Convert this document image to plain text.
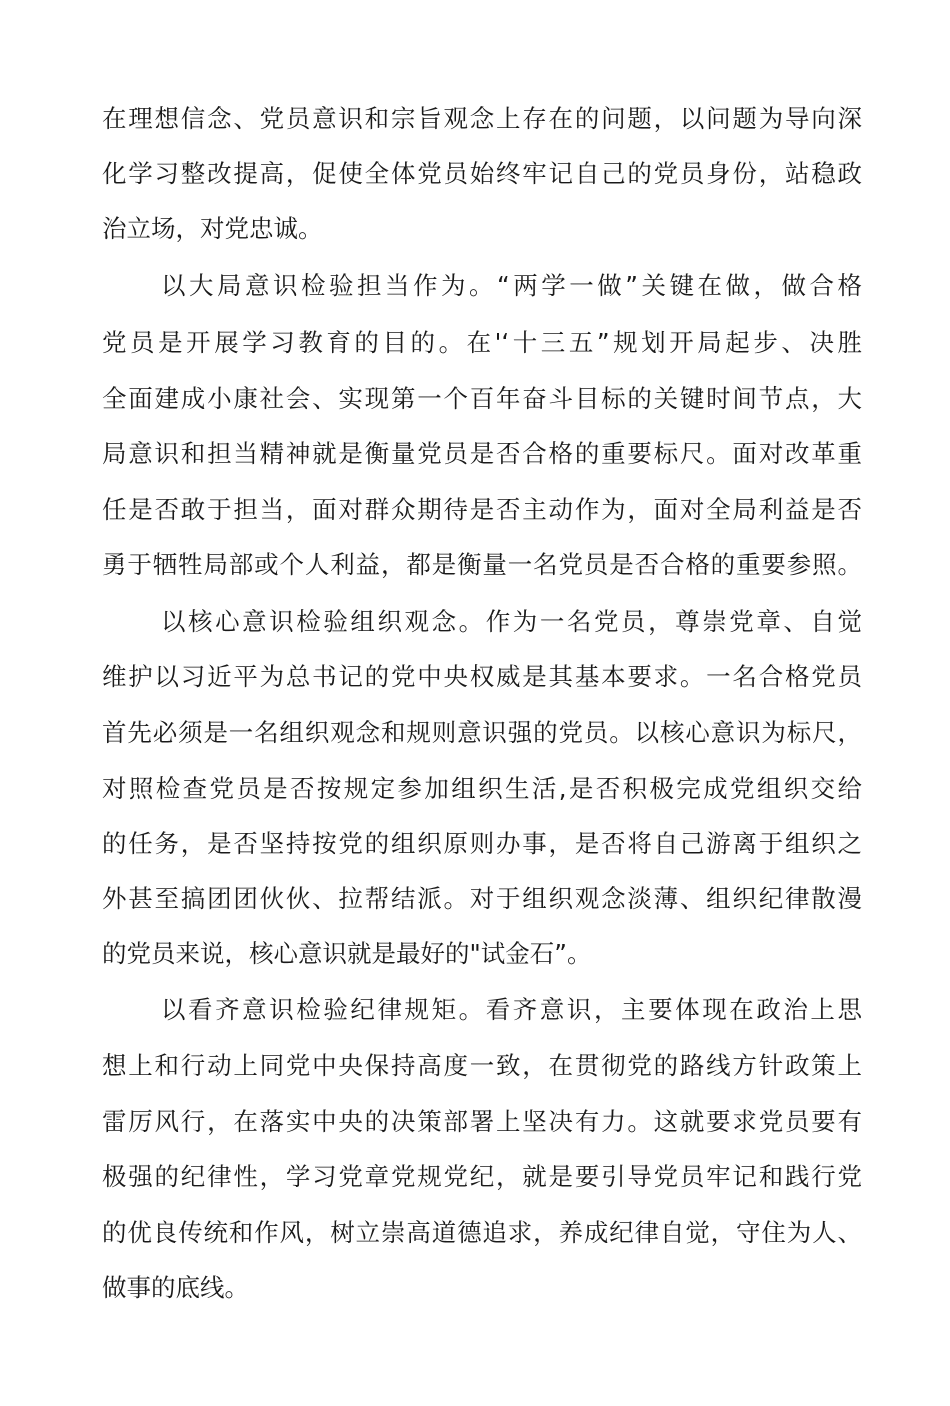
在理想信念、党员意识和宗旨观念上存在的问题，以问题为导向深

化学习整改提高，促使全体党员始终牢记自己的党员身份，站稳政

治立场，对党忠诚。

以大局意识检验担当作为。“两学一做”关键在做，做合格

党员是开展学习教育的目的。在'‘十三五”规划开局起步、决胜

全面建成小康社会、实现第一个百年奋斗目标的关键时间节点，大

局意识和担当精神就是衡量党员是否合格的重要标尺。面对改革重

任是否敢于担当，面对群众期待是否主动作为，面对全局利益是否

勇于牺牲局部或个人利益，都是衡量一名党员是否合格的重要参照。

以核心意识检验组织观念。作为一名党员，尊崇党章、自觉

维护以习近平为总书记的党中央权威是其基本要求。一名合格党员

首先必须是一名组织观念和规则意识强的党员。以核心意识为标尺，

对照检查党员是否按规定参加组织生活,是否积极完成党组织交给

的任务，是否坚持按党的组织原则办事，是否将自己游离于组织之

外甚至搞团团伙伙、拉帮结派。对于组织观念淡薄、组织纪律散漫

的党员来说，核心意识就是最好的"试金石”。

以看齐意识检验纪律规矩。看齐意识，主要体现在政治上思

想上和行动上同党中央保持高度一致，在贯彻党的路线方针政策上

雷厉风行，在落实中央的决策部署上坚决有力。这就要求党员要有

极强的纪律性，学习党章党规党纪，就是要引导党员牢记和践行党

的优良传统和作风，树立崇高道德追求，养成纪律自觉，守住为人、

做事的底线。
